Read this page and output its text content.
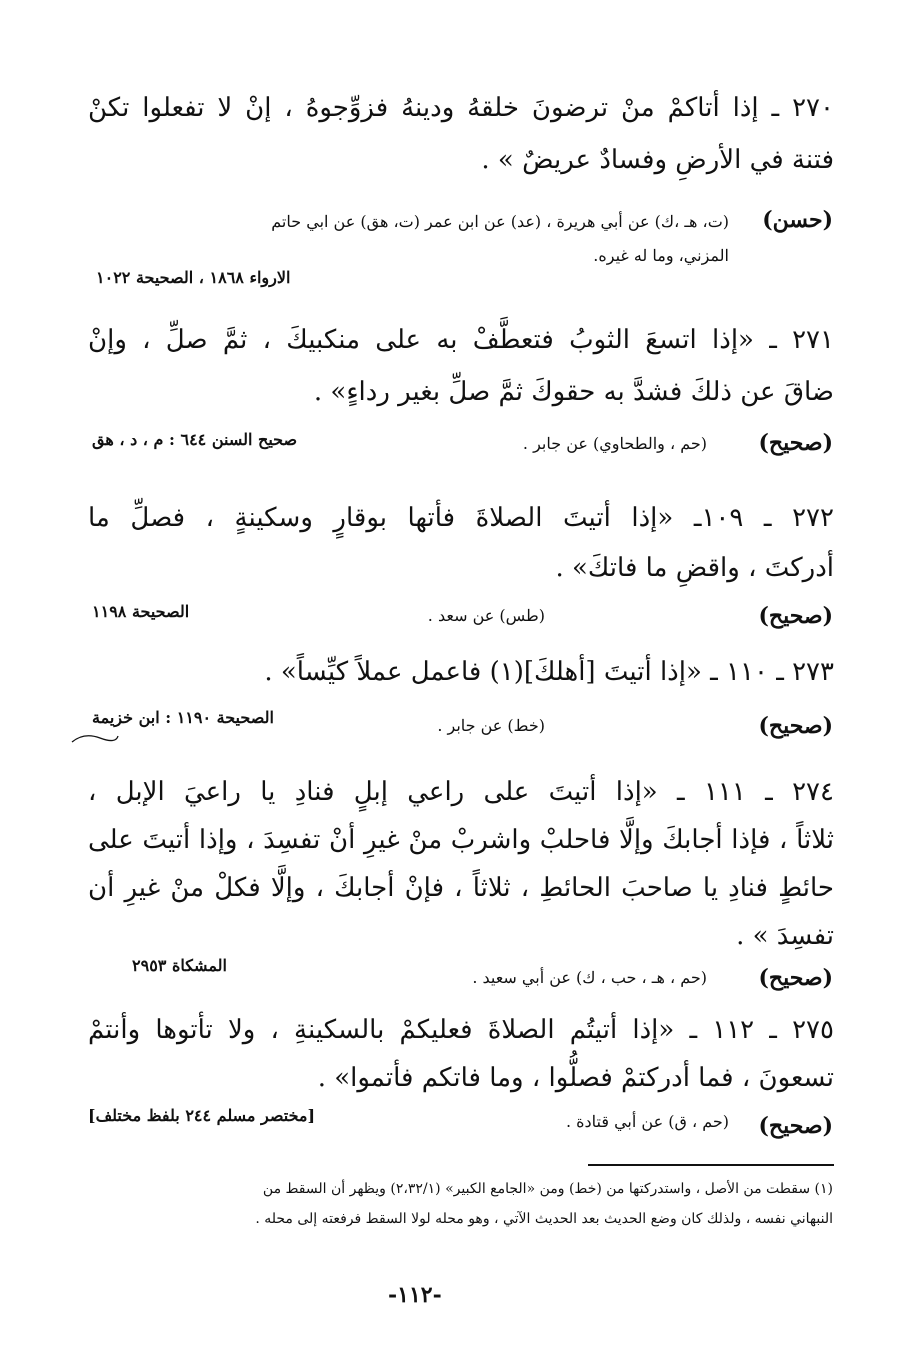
٢٧٠ ـ إذا أتاكمْ منْ ترضونَ خلقهُ ودينهُ فزوِّجوهُ ، إنْ لا تفعلوا تكنْ
فتنة في الأرضِ وفسادٌ عريضٌ » .
(حسن)
(ت، هـ ،ك) عن أبي هريرة ، (عد) عن ابن عمر (ت، هق) عن ابي حاتم
المزني، وما له غيره.
الارواء ١٨٦٨ ، الصحيحة ١٠٢٢
٢٧١ ـ «إذا اتسعَ الثوبُ فتعطَّفْ به على منكبيكَ ، ثمَّ صلِّ ، وإنْ
ضاقَ عن ذلكَ فشدَّ به حقوكَ ثمَّ صلِّ بغير رداءٍ» .
(صحيح)
(حم ، والطحاوي) عن جابر .
صحيح السنن ٦٤٤ : م ، د ، هق
٢٧٢ ـ ١٠٩ـ «إذا أتيتَ الصلاةَ فأتها بوقارٍ وسكينةٍ ، فصلِّ ما
أدركتَ ، واقضِ ما فاتكَ» .
(صحيح)
(طس) عن سعد .
الصحيحة ١١٩٨
٢٧٣ ـ ١١٠ ـ «إذا أتيتَ [أهلكَ](١) فاعمل عملاً كيِّساً» .
(صحيح)
(خط) عن جابر .
الصحيحة ١١٩٠ : ابن خزيمة
٢٧٤ ـ ١١١ ـ «إذا أتيتَ على راعي إبلٍ فنادِ يا راعيَ الإبل ،
ثلاثاً ، فإذا أجابكَ وإلَّا فاحلبْ واشربْ منْ غيرِ أنْ تفسِدَ ، وإذا أتيتَ على
حائطٍ فنادِ يا صاحبَ الحائطِ ، ثلاثاً ، فإنْ أجابكَ ، وإلَّا فكلْ منْ غيرِ أن
تفسِدَ » .
(صحيح)
(حم ، هـ ، حب ، ك) عن أبي سعيد .
المشكاة ٢٩٥٣
٢٧٥ ـ ١١٢ ـ «إذا أتيتُم الصلاةَ فعليكمْ بالسكينةِ ، ولا تأتوها وأنتمْ
تسعونَ ، فما أدركتمْ فصلُّوا ، وما فاتكم فأتموا» .
(صحيح)
(حم ، ق) عن أبي قتادة .
[مختصر مسلم ٢٤٤ بلفظ مختلف]
(١) سقطت من الأصل ، واستدركتها من (خط) ومن «الجامع الكبير» (٢،٣٢/١) ويظهر أن السقط من
النبهاني نفسه ، ولذلك كان وضع الحديث بعد الحديث الآتي ، وهو محله لولا السقط فرفعته إلى محله .
-١١٢-
